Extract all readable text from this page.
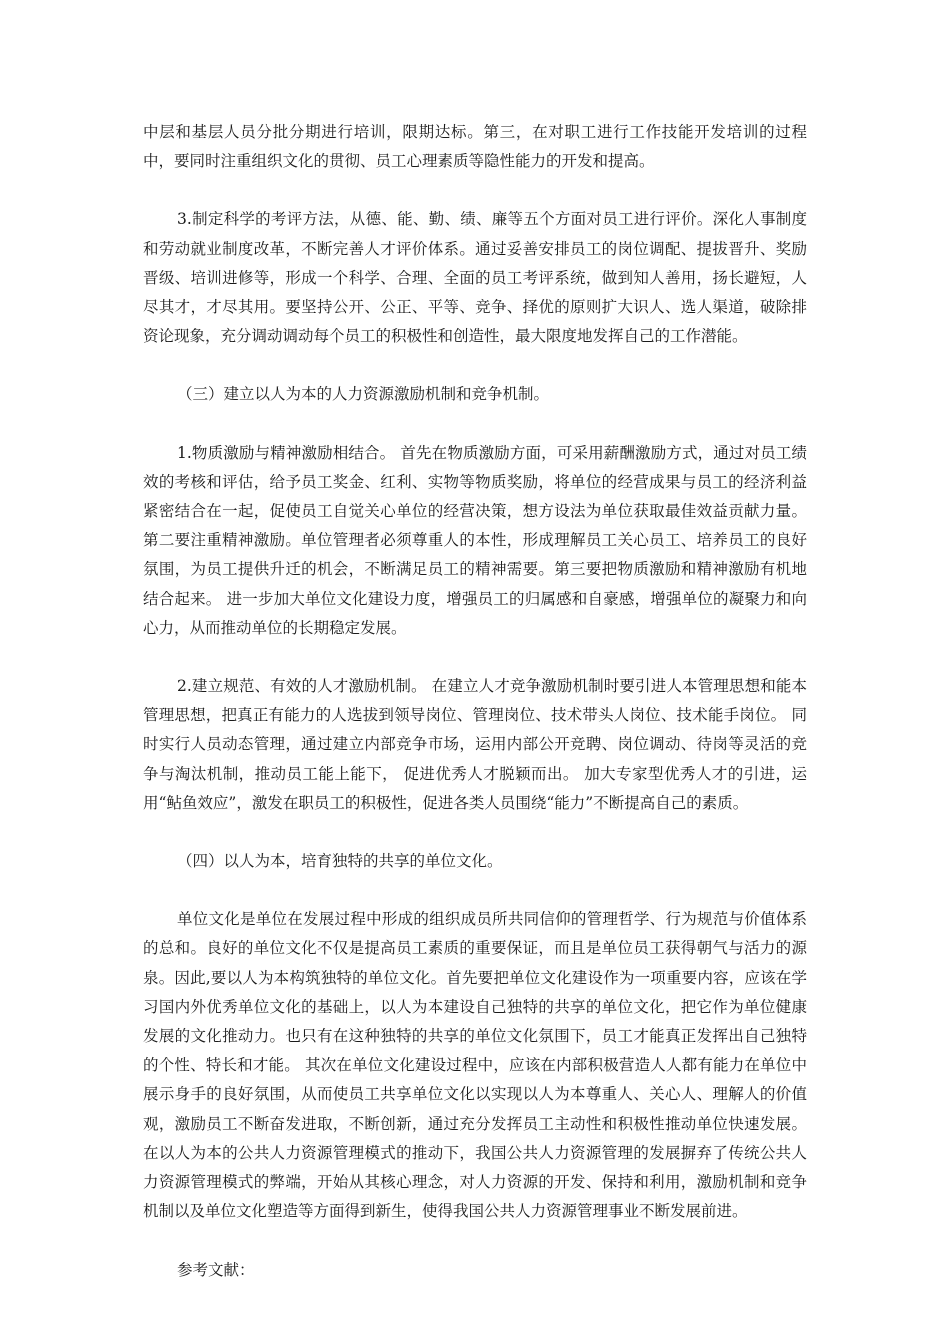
中层和基层人员分批分期进行培训，限期达标。第三，在对职工进行工作技能开发培训的过程中，要同时注重组织文化的贯彻、员工心理素质等隐性能力的开发和提高。

3.制定科学的考评方法，从德、能、勤、绩、廉等五个方面对员工进行评价。深化人事制度和劳动就业制度改革，不断完善人才评价体系。通过妥善安排员工的岗位调配、提拔晋升、奖励晋级、培训进修等，形成一个科学、合理、全面的员工考评系统，做到知人善用，扬长避短，人尽其才，才尽其用。要坚持公开、公正、平等、竞争、择优的原则扩大识人、选人渠道，破除排资论现象，充分调动调动每个员工的积极性和创造性，最大限度地发挥自己的工作潜能。

（三）建立以人为本的人力资源激励机制和竞争机制。

1.物质激励与精神激励相结合。 首先在物质激励方面，可采用薪酬激励方式，通过对员工绩效的考核和评估，给予员工奖金、红利、实物等物质奖励，将单位的经营成果与员工的经济利益紧密结合在一起，促使员工自觉关心单位的经营决策，想方设法为单位获取最佳效益贡献力量。第二要注重精神激励。单位管理者必须尊重人的本性，形成理解员工关心员工、培养员工的良好氛围，为员工提供升迁的机会，不断满足员工的精神需要。第三要把物质激励和精神激励有机地结合起来。 进一步加大单位文化建设力度，增强员工的归属感和自豪感，增强单位的凝聚力和向心力，从而推动单位的长期稳定发展。

2.建立规范、有效的人才激励机制。 在建立人才竞争激励机制时要引进人本管理思想和能本管理思想，把真正有能力的人选拔到领导岗位、管理岗位、技术带头人岗位、技术能手岗位。 同时实行人员动态管理，通过建立内部竞争市场，运用内部公开竞聘、岗位调动、待岗等灵活的竞争与淘汰机制，推动员工能上能下， 促进优秀人才脱颖而出。 加大专家型优秀人才的引进，运用“鲇鱼效应”，激发在职员工的积极性，促进各类人员围绕“能力”不断提高自己的素质。

（四）以人为本，培育独特的共享的单位文化。

单位文化是单位在发展过程中形成的组织成员所共同信仰的管理哲学、行为规范与价值体系的总和。良好的单位文化不仅是提高员工素质的重要保证，而且是单位员工获得朝气与活力的源泉。因此,要以人为本构筑独特的单位文化。首先要把单位文化建设作为一项重要内容，应该在学习国内外优秀单位文化的基础上，以人为本建设自己独特的共享的单位文化，把它作为单位健康发展的文化推动力。也只有在这种独特的共享的单位文化氛围下，员工才能真正发挥出自己独特的个性、特长和才能。 其次在单位文化建设过程中，应该在内部积极营造人人都有能力在单位中展示身手的良好氛围，从而使员工共享单位文化以实现以人为本尊重人、关心人、理解人的价值观，激励员工不断奋发进取，不断创新，通过充分发挥员工主动性和积极性推动单位快速发展。在以人为本的公共人力资源管理模式的推动下，我国公共人力资源管理的发展摒弃了传统公共人力资源管理模式的弊端，开始从其核心理念，对人力资源的开发、保持和利用，激励机制和竞争机制以及单位文化塑造等方面得到新生，使得我国公共人力资源管理事业不断发展前进。

参考文献：
